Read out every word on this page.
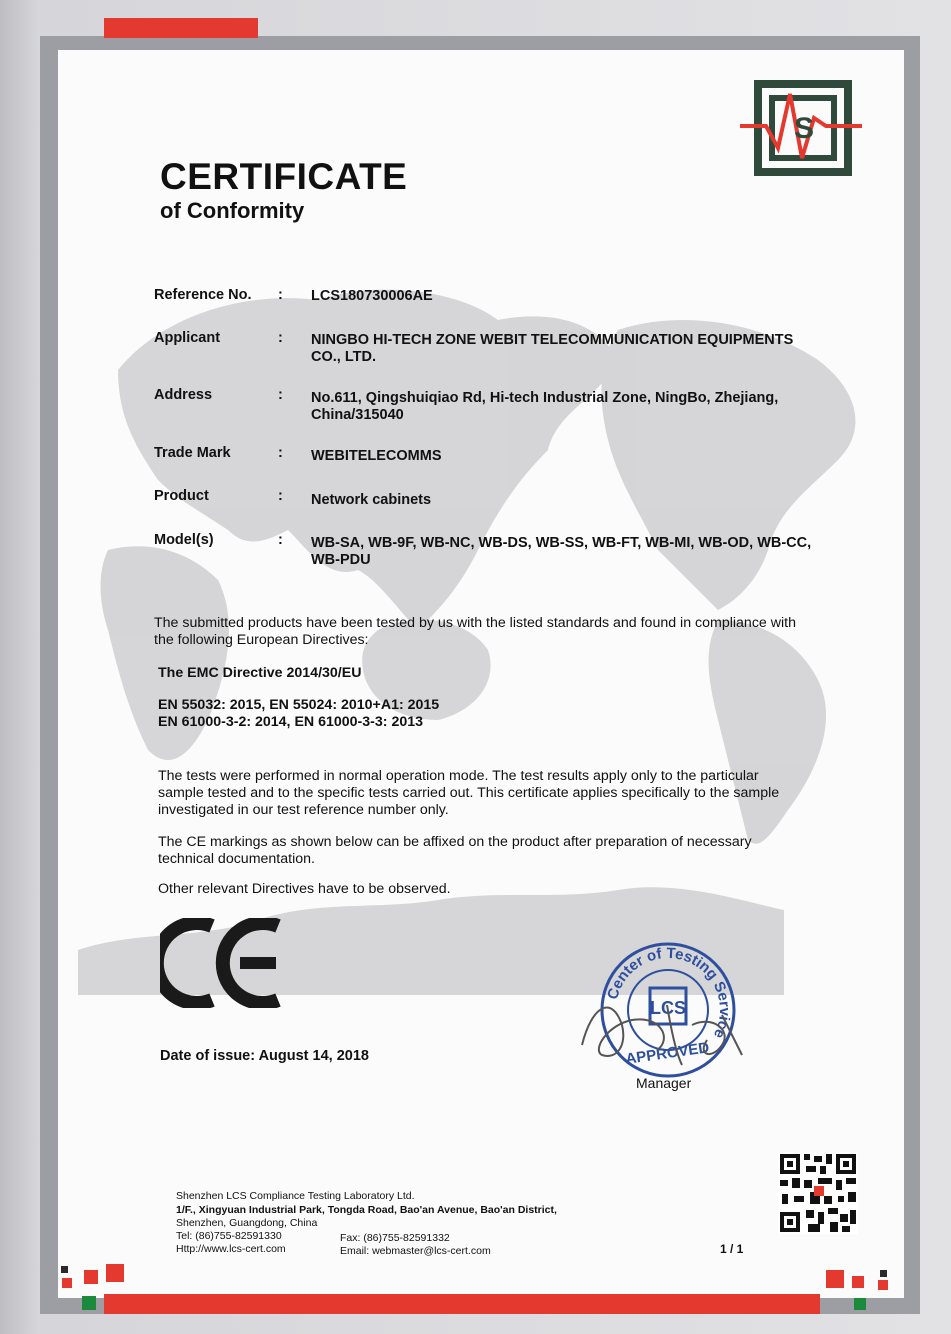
S
CERTIFICATE
of Conformity
Reference No. : LCS180730006AE
Applicant	: NINGBO HI-TECH ZONE WEBIT TELECOMMUNICATION EQUIPMENTS
CO., LTD.
Address	: No.611, Qingshuiqiao Rd, Hi-tech Industrial Zone, NingBo, Zhejiang,
China/315040
Trade Mark	: WEBITELECOMMS
Product	: Network cabinets
Model(s)	: WB-SA, WB-9F, WB-NC, WB-DS, WB-SS, WB-FT, WB-MI, WB-OD, WB-CC,
WB-PDU
The submitted products have been tested by us with the listed standards and found in compliance with
the following European Directives:
The EMC Directive 2014/30/EU
EN 55032: 2015, EN 55024: 2010+A1: 2015
EN 61000-3-2: 2014, EN 61000-3-3: 2013
The tests were performed in normal operation mode. The test results apply only to the particular
sample tested and to the specific tests carried out. This certificate applies specifically to the sample
investigated in our test reference number only.
The CE markings as shown below can be affixed on the product after preparation of necessary
technical documentation.
Other relevant Directives have to be observed.
Center of Testing Service
LCS
APPROVED
Date of issue: August 14, 2018
Manager
Shenzhen LCS Compliance Testing Laboratory Ltd.
1/F., Xingyuan Industrial Park, Tongda Road, Bao'an Avenue, Bao'an District,
Shenzhen, Guangdong, China
Tel: (86)755-82591330	Fax: (86)755-82591332
Http://www.lcs-cert.com	Email: webmaster@lcs-cert.com	1 / 1
